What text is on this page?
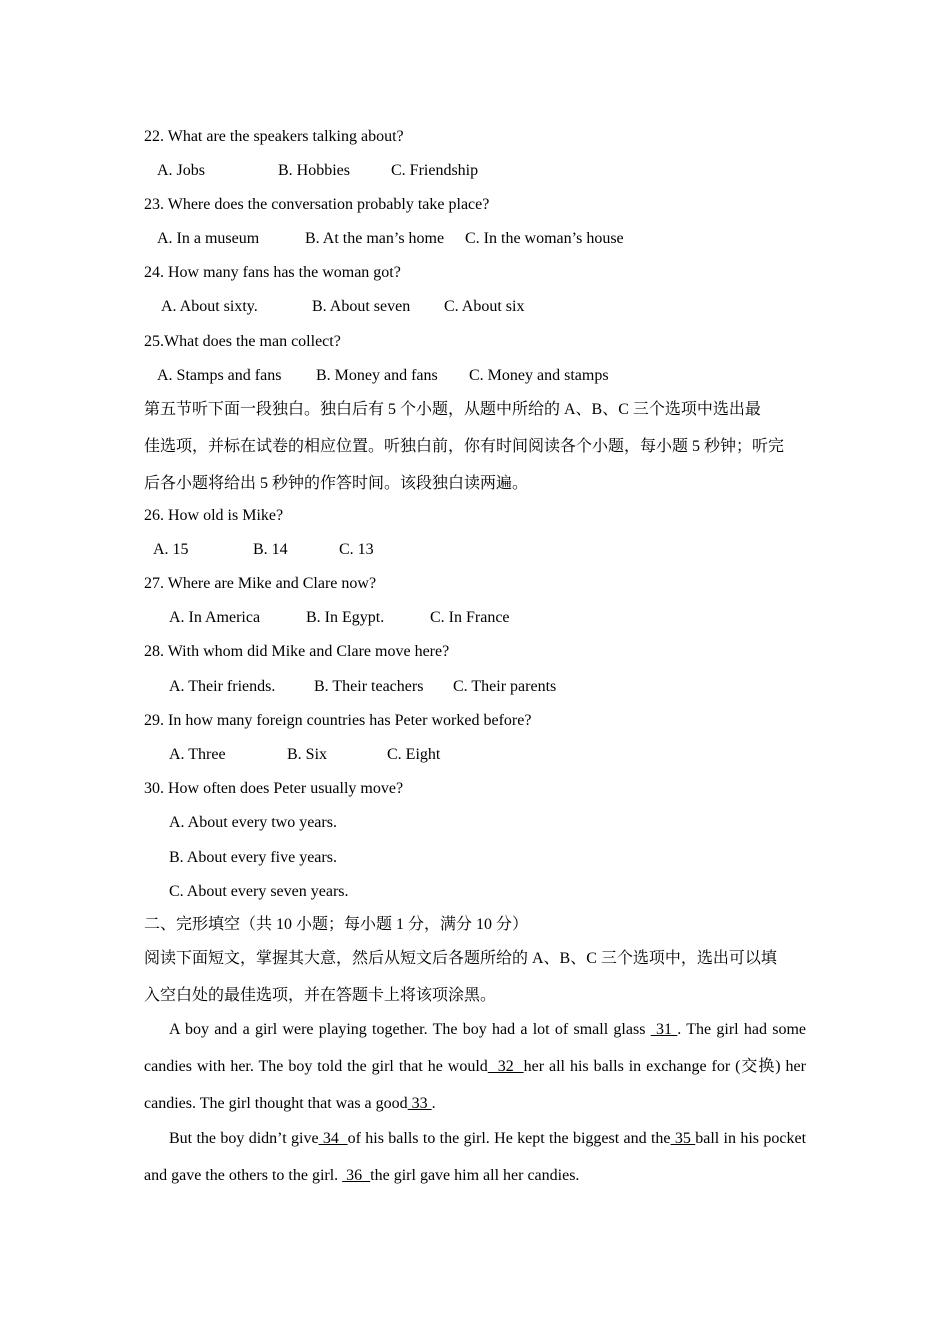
22. What are the speakers talking about?
A. Jobs	B. Hobbies	C. Friendship
23. Where does the conversation probably take place?
A. In a museum	B. At the man’s home C. In the woman’s house
24. How many fans has the woman got?
A. About sixty.	B. About seven C. About six
25.What does the man collect?
A. Stamps and fans B. Money and fans C. Money and stamps
第五节听下面一段独白。独白后有 5 个小题，从题中所给的 A、B、C 三个选项中选出最
佳选项，并标在试卷的相应位置。听独白前，你有时间阅读各个小题，每小题 5 秒钟；听完
后各小题将给出 5 秒钟的作答时间。该段独白读两遍。
26. How old is Mike?
A. 15	B. 14	C. 13
27. Where are Mike and Clare now?
A. In America	B. In Egypt.	C. In France
28. With whom did Mike and Clare move here?
A. Their friends. B. Their teachers C. Their parents
29. In how many foreign countries has Peter worked before?
A. Three	B. Six	C. Eight
30. How often does Peter usually move?
A. About every two years.
B. About every five years.
C. About every seven years.
二、完形填空（共 10 小题；每小题 1 分，满分 10 分）
阅读下面短文，掌握其大意，然后从短文后各题所给的 A、B、C 三个选项中，选出可以填
入空白处的最佳选项，并在答题卡上将该项涂黑。
A boy and a girl were playing together. The boy had a lot of small glass  31 . The girl had some candies with her. The boy told the girl that he would  32  her all his balls in exchange for (交换) her candies. The girl thought that was a good 33 .
But the boy didn’t give 34  of his balls to the girl. He kept the biggest and the 35 ball in his pocket and gave the others to the girl.  36  the girl gave him all her candies.
